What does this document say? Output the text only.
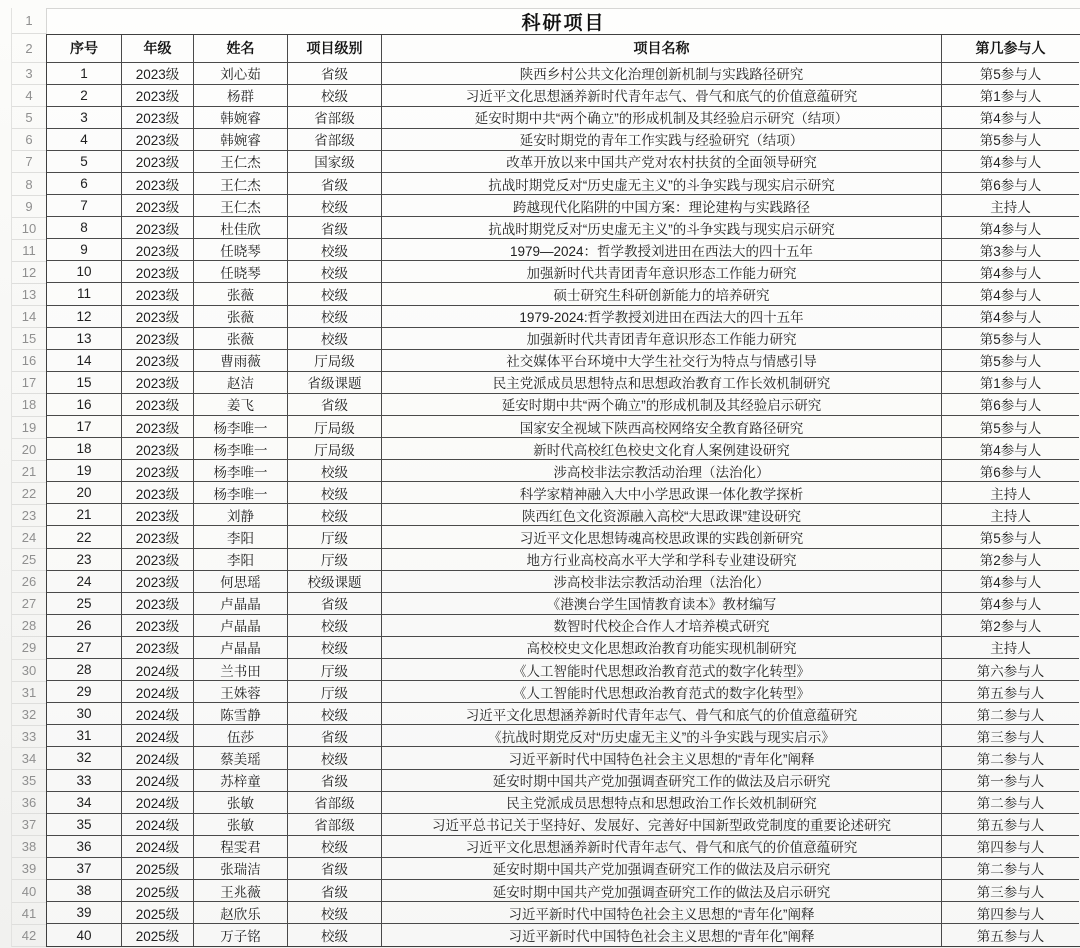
1
2
3
4
5
6
7
8
9
10
11
12
13
14
15
16
17
18
19
20
21
22
23
24
25
26
27
28
29
30
31
32
33
34
35
36
37
38
39
40
41
42
科研项目
序号	年级	姓名	项目级别	项目名称	第几参与人
1	2023级	刘心茹	省级	陕西乡村公共文化治理创新机制与实践路径研究	第5参与人
2	2023级	杨群	校级	习近平文化思想涵养新时代青年志气、骨气和底气的价值意蕴研究	第1参与人
3	2023级	韩婉睿	省部级	延安时期中共“两个确立”的形成机制及其经验启示研究（结项）	第4参与人
4	2023级	韩婉睿	省部级	延安时期党的青年工作实践与经验研究（结项）	第5参与人
5	2023级	王仁杰	国家级	改革开放以来中国共产党对农村扶贫的全面领导研究	第4参与人
6	2023级	王仁杰	省级	抗战时期党反对“历史虚无主义”的斗争实践与现实启示研究	第6参与人
7	2023级	王仁杰	校级	跨越现代化陷阱的中国方案：理论建构与实践路径	主持人
8	2023级	杜佳欣	省级	抗战时期党反对“历史虚无主义”的斗争实践与现实启示研究	第4参与人
9	2023级	任晓琴	校级	1979—2024：哲学教授刘进田在西法大的四十五年	第3参与人
10	2023级	任晓琴	校级	加强新时代共青团青年意识形态工作能力研究	第4参与人
11	2023级	张薇	校级	硕士研究生科研创新能力的培养研究	第4参与人
12	2023级	张薇	校级	1979-2024:哲学教授刘进田在西法大的四十五年	第4参与人
13	2023级	张薇	校级	加强新时代共青团青年意识形态工作能力研究	第5参与人
14	2023级	曹雨薇	厅局级	社交媒体平台环境中大学生社交行为特点与情感引导	第5参与人
15	2023级	赵洁	省级课题	民主党派成员思想特点和思想政治教育工作长效机制研究	第1参与人
16	2023级	姜飞	省级	延安时期中共“两个确立”的形成机制及其经验启示研究	第6参与人
17	2023级	杨李唯一	厅局级	国家安全视域下陕西高校网络安全教育路径研究	第5参与人
18	2023级	杨李唯一	厅局级	新时代高校红色校史文化育人案例建设研究	第4参与人
19	2023级	杨李唯一	校级	涉高校非法宗教活动治理（法治化）	第6参与人
20	2023级	杨李唯一	校级	科学家精神融入大中小学思政课一体化教学探析	主持人
21	2023级	刘静	校级	陕西红色文化资源融入高校“大思政课”建设研究	主持人
22	2023级	李阳	厅级	习近平文化思想铸魂高校思政课的实践创新研究	第5参与人
23	2023级	李阳	厅级	地方行业高校高水平大学和学科专业建设研究	第2参与人
24	2023级	何思瑶	校级课题	涉高校非法宗教活动治理（法治化）	第4参与人
25	2023级	卢晶晶	省级	《港澳台学生国情教育读本》教材编写	第4参与人
26	2023级	卢晶晶	校级	数智时代校企合作人才培养模式研究	第2参与人
27	2023级	卢晶晶	校级	高校校史文化思想政治教育功能实现机制研究	主持人
28	2024级	兰书田	厅级	《人工智能时代思想政治教育范式的数字化转型》	第六参与人
29	2024级	王姝蓉	厅级	《人工智能时代思想政治教育范式的数字化转型》	第五参与人
30	2024级	陈雪静	校级	习近平文化思想涵养新时代青年志气、骨气和底气的价值意蕴研究	第二参与人
31	2024级	伍莎	省级	《抗战时期党反对“历史虚无主义”的斗争实践与现实启示》	第三参与人
32	2024级	蔡美瑶	校级	习近平新时代中国特色社会主义思想的“青年化”阐释	第二参与人
33	2024级	苏梓童	省级	延安时期中国共产党加强调查研究工作的做法及启示研究	第一参与人
34	2024级	张敏	省部级	民主党派成员思想特点和思想政治工作长效机制研究	第二参与人
35	2024级	张敏	省部级	习近平总书记关于坚持好、发展好、完善好中国新型政党制度的重要论述研究	第五参与人
36	2024级	程雯君	校级	习近平文化思想涵养新时代青年志气、骨气和底气的价值意蕴研究	第四参与人
37	2025级	张瑞洁	省级	延安时期中国共产党加强调查研究工作的做法及启示研究	第二参与人
38	2025级	王兆薇	省级	延安时期中国共产党加强调查研究工作的做法及启示研究	第三参与人
39	2025级	赵欣乐	校级	习近平新时代中国特色社会主义思想的“青年化”阐释	第四参与人
40	2025级	万子铭	校级	习近平新时代中国特色社会主义思想的“青年化”阐释	第五参与人
